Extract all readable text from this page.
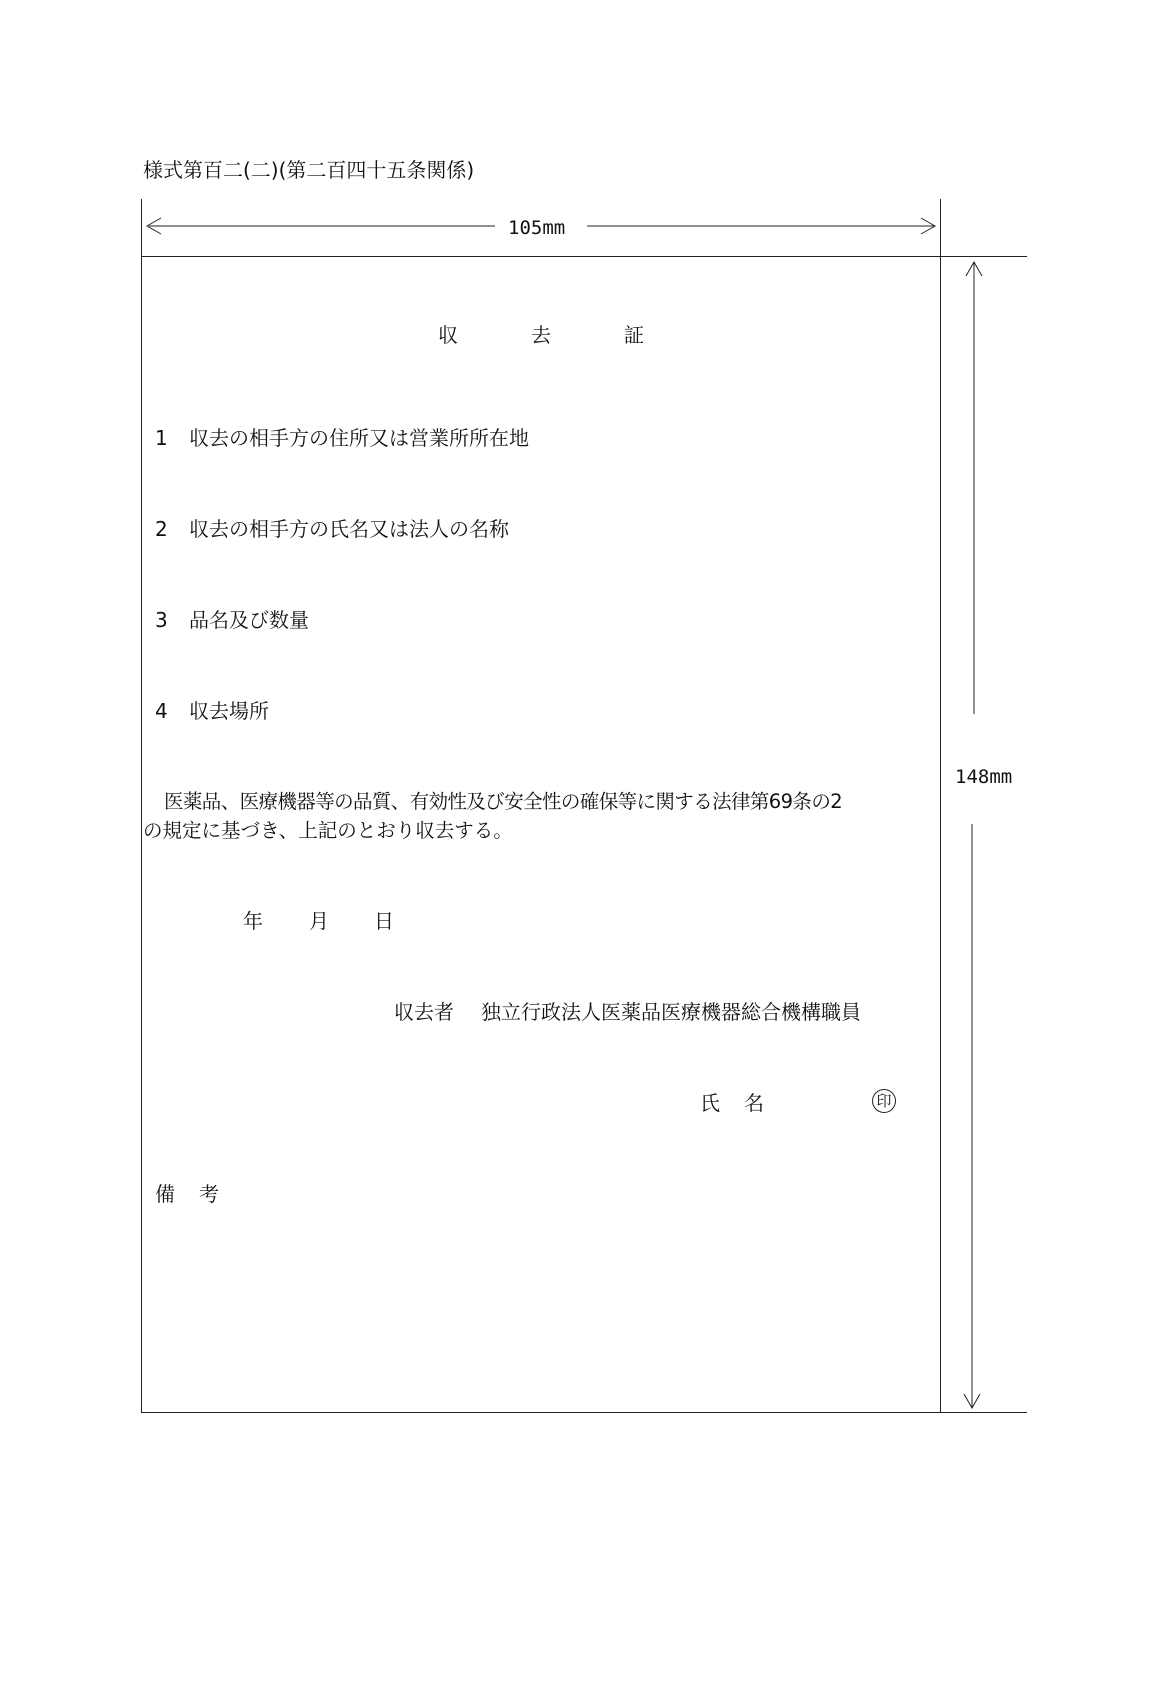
様式第百二(二)(第二百四十五条関係)
105mm
148mm
収	去	証
1 収去の相手方の住所又は営業所所在地
2 収去の相手方の氏名又は法人の名称
3 品名及び数量
4 収去場所
医薬品、医療機器等の品質、有効性及び安全性の確保等に関する法律第69条の2
の規定に基づき、上記のとおり収去する。
年 月 日
収去者 独立行政法人医薬品医療機器総合機構職員
氏 名	印
備 考
